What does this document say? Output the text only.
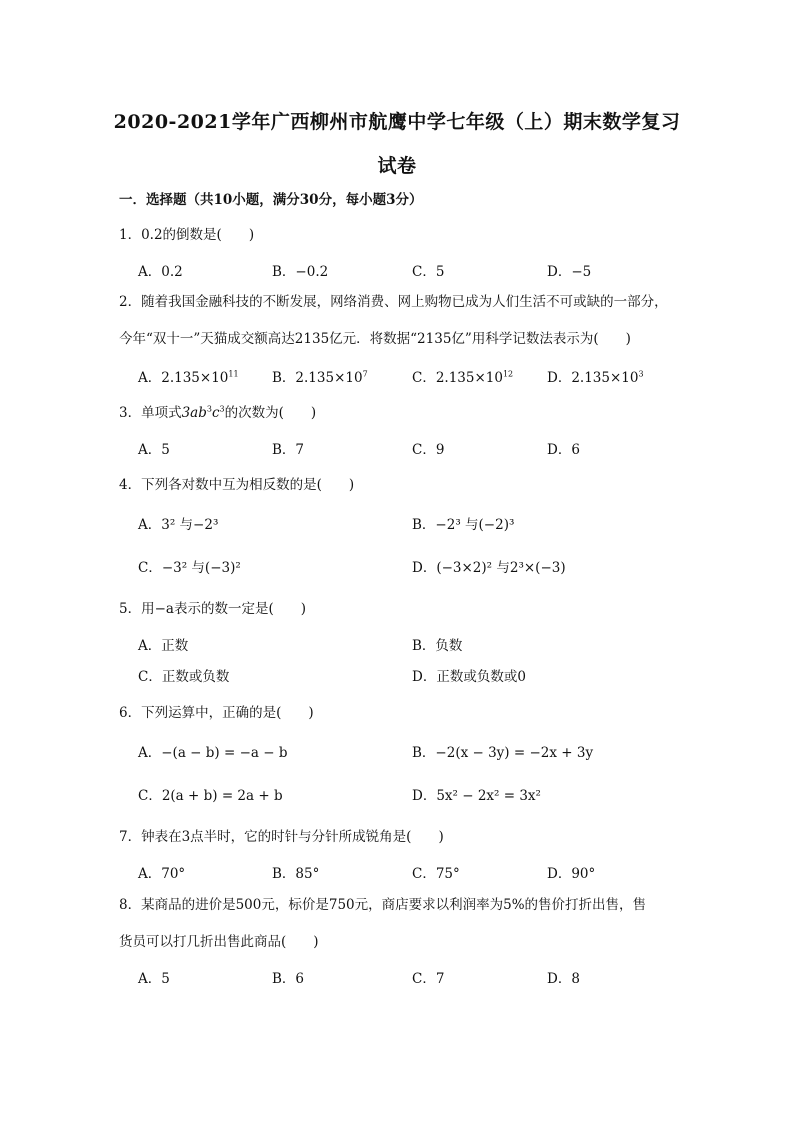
2020-2021学年广西柳州市航鹰中学七年级（上）期末数学复习
试卷
一．选择题（共10小题，满分30分，每小题3分）
1．0.2的倒数是(　　)
A．0.2	B．−0.2	C．5	D．−5
2．随着我国金融科技的不断发展，网络消费、网上购物已成为人们生活不可或缺的一部分，
今年“双十一”天猫成交额高达2135亿元．将数据“2135亿”用科学记数法表示为(　　)
A．$2.135\times 10^{11}$ B．$2.135\times 10^7$	C．$2.135\times 10^{12}$	D．$2.135\times 10^3$
3．单项式$3ab^3c^3$的次数为(　　)
A．5	B．7	C．9	D．6
4．下列各对数中互为相反数的是(　　)
A．3² 与−2³	B．−2³ 与(−2)³
C．−3² 与(−3)²	D．(−3×2)² 与2³×(−3)
5．用−a表示的数一定是(　　)
A．正数	B．负数
C．正数或负数	D．正数或负数或0
6．下列运算中，正确的是(　　)
A．−(a − b) = −a − b	B．−2(x − 3y) = −2x + 3y
C．2(a + b) = 2a + b	D．5x² − 2x² = 3x²
7．钟表在3点半时，它的时针与分针所成锐角是(　　)
A．70°	B．85°	C．75°	D．90°
8．某商品的进价是500元，标价是750元，商店要求以利润率为5%的售价打折出售，售
货员可以打几折出售此商品(　　)
A．5	B．6	C．7	D．8
